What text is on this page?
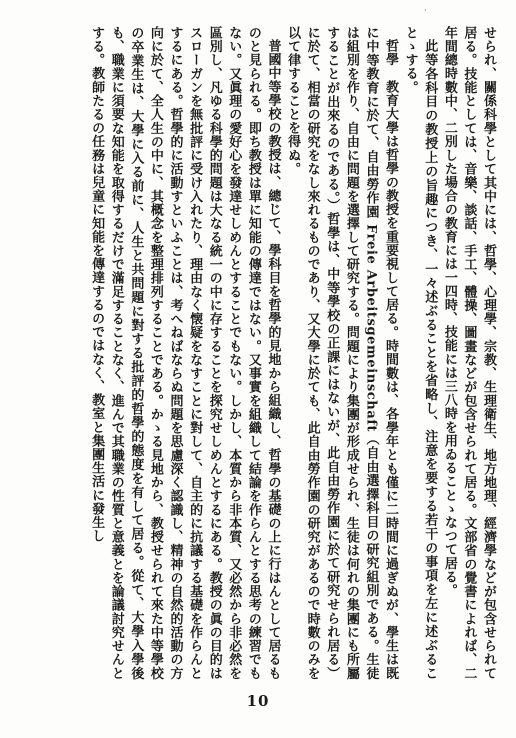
·

せられ、關係科學として其中には、哲學、心理學、宗教、生理衛生、地方地理、經濟學などが包含せられて居る。技能としては、音樂、談話、手工、體操、圖畫などが包含せられて居る。文部省の覺書によれば、二年間總時數中、二別した場合の教育には一四時、技能には三八時を用ゐることゝなつて居る。

此等各科目の教授上の旨趣につき、一々述ぶることを省略し、注意を要する若干の事項を左に述ぶることゝする。

哲學　教育大學は哲學の教授を重要視して居る。時間數は、各學年とも僅に二時間に過ぎぬが、學生は既に中等教育に於て、自由勞作園 Freie Arbeitsgemeinschaft（自由選擇科目の研究組別である。生徒は組別を作り、自由に問題を選擇して研究する。問題により集團が形成せられ、生徒は何れの集團にも所屬することが出來るのである。）哲學は、中等學校の正課にはないが、此自由勞作園に於て研究せられ居る）に於て、相當の研究をなし來れるものであり、又大學に於ても、此自由勞作園の研究があるので時數のみを以て律することを得ぬ。

普國中等學校の教授は、總じて、學科目を哲學的見地から組織し、哲學の基礎の上に行はんとして居るものと見られる。即ち教授は單に知能の傳達ではない。又事實を組織して結論を作らんとする思考の練習でもない。又眞理の愛好心を發達せしめんとすることでもない。しかし、本質から非本質、又必然から非必然を區別し、凡ゆる科學的問題は大なる統一の中に存することを探究せしめんとするにある。教授の眞の目的はスローガンを無批評に受け入れたり、理由なく懐疑をなすことに對して、自主的に抗議する基礎を作らんとするにある。哲學的に活動すといふことは、考へねばならぬ問題を思慮深く認識し、精神の自然的活動の方向に於て、全人生の中に、其概念を整理排列することである。かゝる見地から、教授せられて來た中等學校の卒業生は、大學に入る前に、人生と共問題に對する批評的哲學的態度を有して居る。從て、大學入學後も、職業に須要な知能を取得するだけで滿足することなく、進んで其職業の性質と意義とを論議討究せんとする。教師たるの任務は兒童に知能を傳達するのではなく、教室と集團生活に發生し

10
